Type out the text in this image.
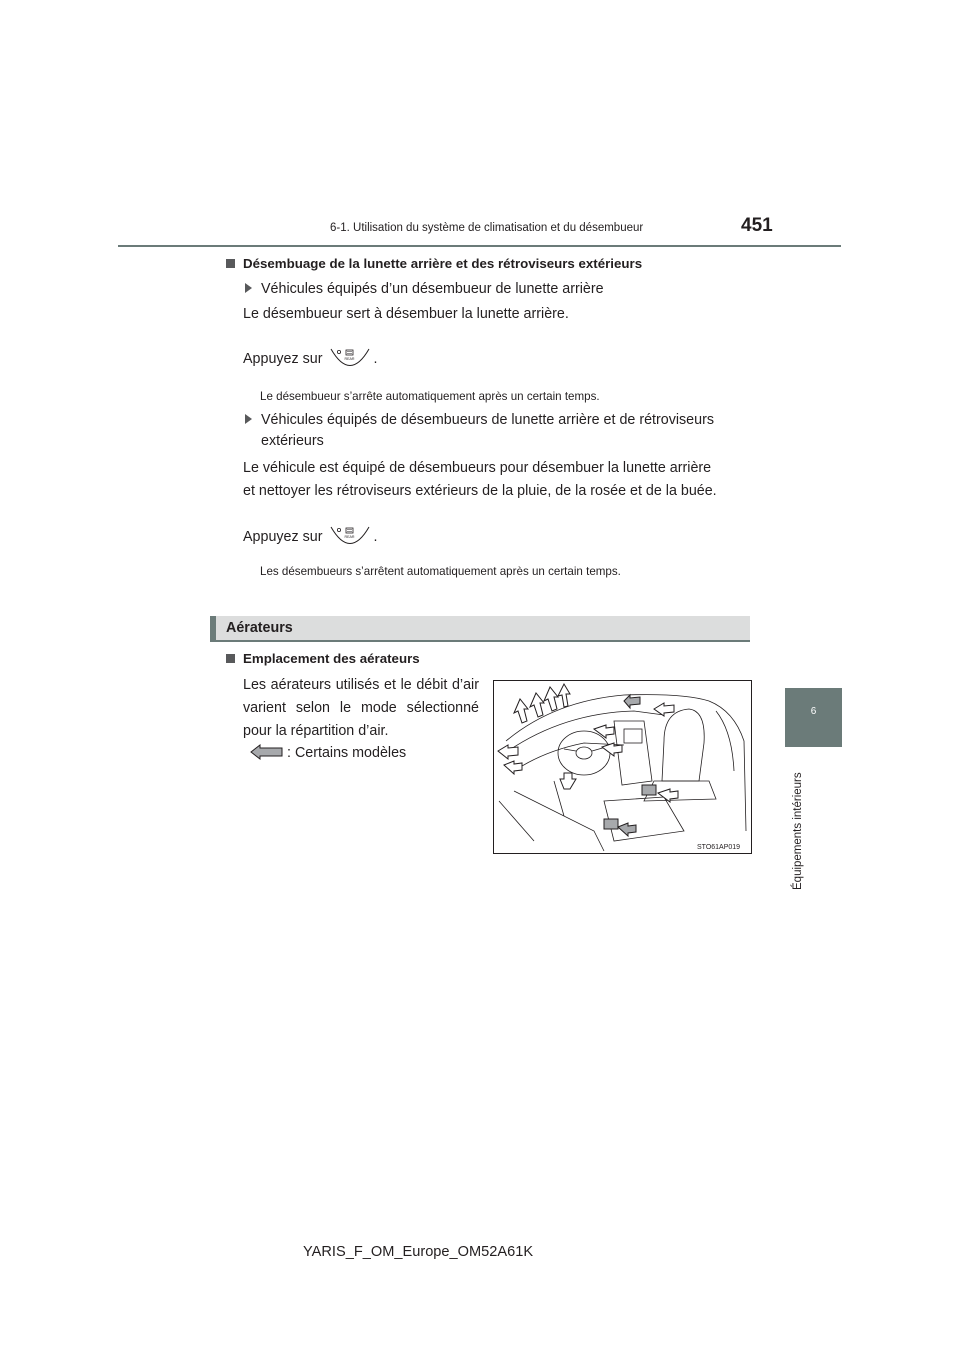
6-1. Utilisation du système de climatisation et du désembueur	451
6
Équipements intérieurs
Désembuage de la lunette arrière et des rétroviseurs extérieurs
Véhicules équipés d’un désembueur de lunette arrière
Le désembueur sert à désembuer la lunette arrière.
Appuyez sur	REAR .
Le désembueur s’arrête automatiquement après un certain temps.
Véhicules équipés de désembueurs de lunette arrière et de rétroviseurs
extérieurs
Le véhicule est équipé de désembueurs pour désembuer la lunette arrière
et nettoyer les rétroviseurs extérieurs de la pluie, de la rosée et de la buée.
Appuyez sur	REAR .
Les désembueurs s’arrêtent automatiquement après un certain temps.
Aérateurs
Emplacement des aérateurs
Les aérateurs utilisés et le débit d’air varient selon le mode sélectionné pour la répartition d’air.
: Certains modèles
STO61AP019
YARIS_F_OM_Europe_OM52A61K
